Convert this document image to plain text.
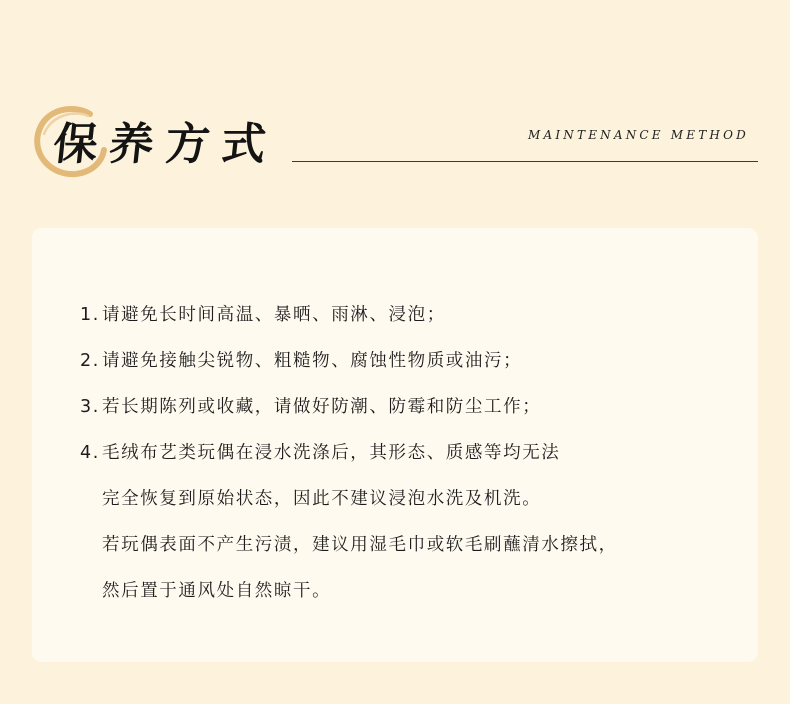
保养方式	MAINTENANCE METHOD
1. 请避免长时间高温、暴晒、雨淋、浸泡；
2. 请避免接触尖锐物、粗糙物、腐蚀性物质或油污；
3. 若长期陈列或收藏，请做好防潮、防霉和防尘工作；
4. 毛绒布艺类玩偶在浸水洗涤后，其形态、质感等均无法
完全恢复到原始状态，因此不建议浸泡水洗及机洗。
若玩偶表面不产生污渍，建议用湿毛巾或软毛刷蘸清水擦拭，
然后置于通风处自然晾干。
